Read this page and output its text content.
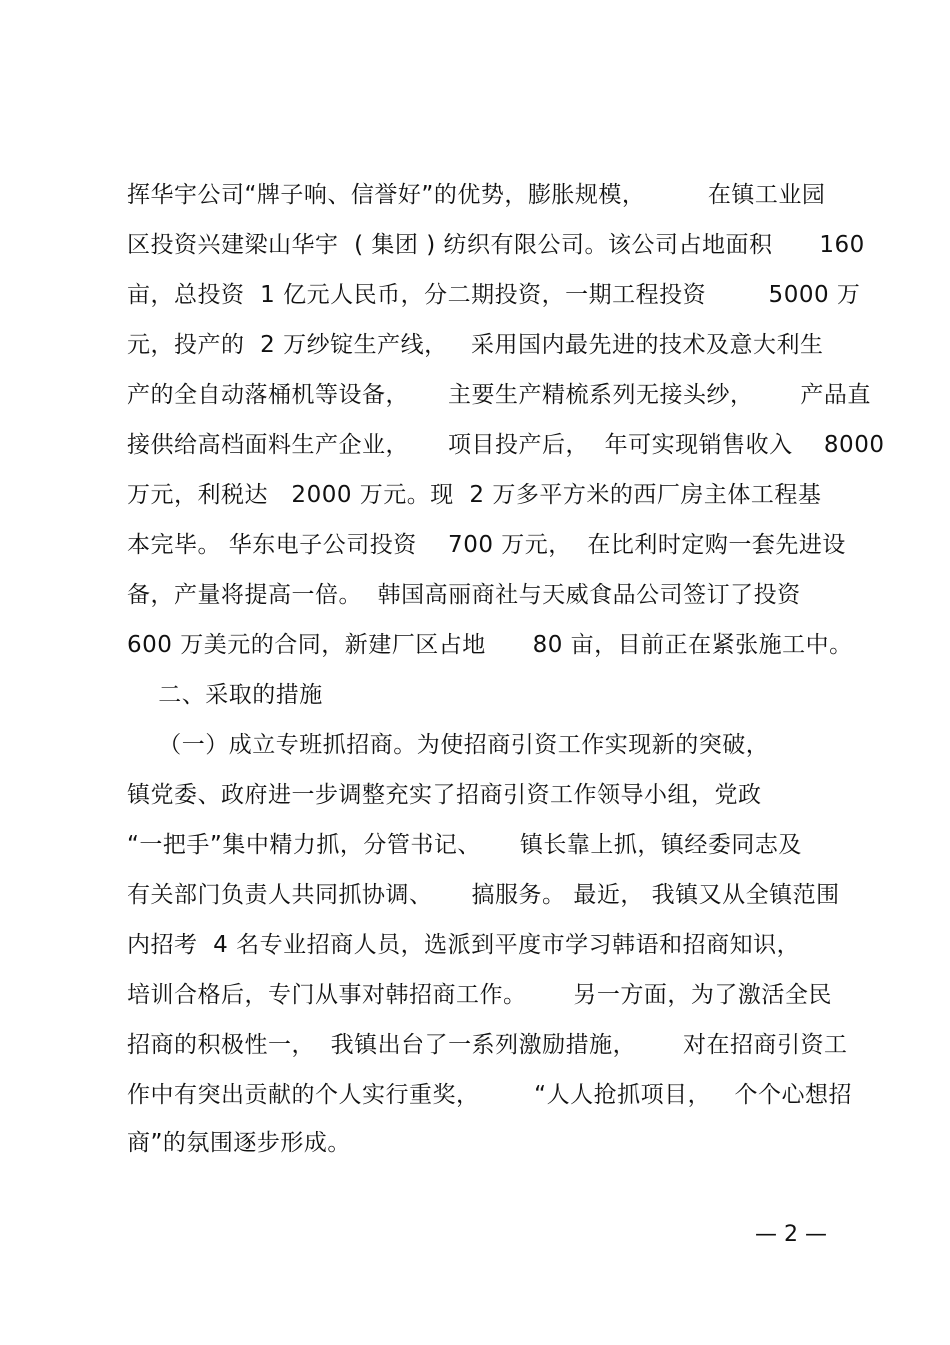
挥华宇公司“牌子响、信誉好”的优势，膨胀规模，        在镇工业园
区投资兴建梁山华宇  ( 集团 ) 纺织有限公司。该公司占地面积      160
亩，总投资  1 亿元人民币，分二期投资，一期工程投资        5000 万
元，投产的  2 万纱锭生产线，   采用国内最先进的技术及意大利生
产的全自动落桶机等设备，     主要生产精梳系列无接头纱，      产品直
接供给高档面料生产企业，     项目投产后，  年可实现销售收入    8000
万元，利税达   2000 万元。现  2 万多平方米的西厂房主体工程基
本完毕。 华东电子公司投资    700 万元，  在比利时定购一套先进设
备，产量将提高一倍。  韩国高丽商社与天威食品公司签订了投资
600 万美元的合同，新建厂区占地      80 亩，目前正在紧张施工中。
二、采取的措施
（一）成立专班抓招商。为使招商引资工作实现新的突破，
镇党委、政府进一步调整充实了招商引资工作领导小组，党政
“一把手”集中精力抓，分管书记、     镇长靠上抓，镇经委同志及
有关部门负责人共同抓协调、     搞服务。 最近， 我镇又从全镇范围
内招考  4 名专业招商人员，选派到平度市学习韩语和招商知识，
培训合格后，专门从事对韩招商工作。      另一方面，为了激活全民
招商的积极性一，  我镇出台了一系列激励措施，      对在招商引资工
作中有突出贡献的个人实行重奖，       “人人抢抓项目，   个个心想招
商”的氛围逐步形成。
— 2 —
